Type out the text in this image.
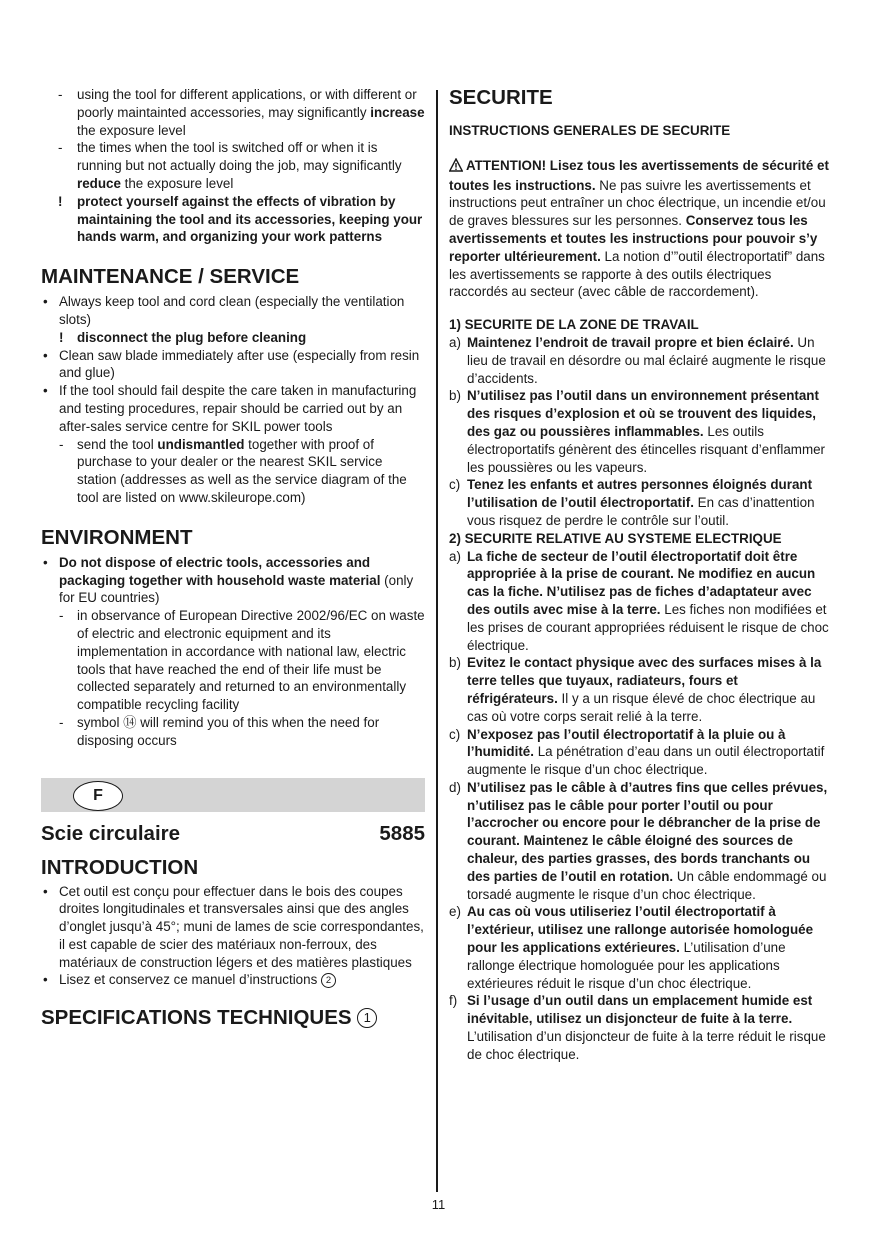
- using the tool for different applications, or with different or poorly maintainted accessories, may significantly increase the exposure level
- the times when the tool is switched off or when it is running but not actually doing the job, may significantly reduce the exposure level
! protect yourself against the effects of vibration by maintaining the tool and its accessories, keeping your hands warm, and organizing your work patterns
MAINTENANCE / SERVICE
• Always keep tool and cord clean (especially the ventilation slots)
! disconnect the plug before cleaning
• Clean saw blade immediately after use (especially from resin and glue)
• If the tool should fail despite the care taken in manufacturing and testing procedures, repair should be carried out by an after-sales service centre for SKIL power tools
- send the tool undismantled together with proof of purchase to your dealer or the nearest SKIL service station (addresses as well as the service diagram of the tool are listed on www.skileurope.com)
ENVIRONMENT
• Do not dispose of electric tools, accessories and packaging together with household waste material (only for EU countries)
- in observance of European Directive 2002/96/EC on waste of electric and electronic equipment and its implementation in accordance with national law, electric tools that have reached the end of their life must be collected separately and returned to an environmentally compatible recycling facility
- symbol ⑭ will remind you of this when the need for disposing occurs
F
Scie circulaire	5885
INTRODUCTION
• Cet outil est conçu pour effectuer dans le bois des coupes droites longitudinales et transversales ainsi que des angles d’onglet jusqu’à 45°; muni de lames de scie correspondantes, il est capable de scier des matériaux non-ferroux, des matériaux de construction légers et des matières plastiques
• Lisez et conservez ce manuel d’instructions 2
SPECIFICATIONS TECHNIQUES 1
SECURITE
INSTRUCTIONS GENERALES DE SECURITE
ATTENTION! Lisez tous les avertissements de sécurité et toutes les instructions. Ne pas suivre les avertissements et instructions peut entraîner un choc électrique, un incendie et/ou de graves blessures sur les personnes. Conservez tous les avertissements et toutes les instructions pour pouvoir s’y reporter ultérieurement. La notion d’”outil électroportatif” dans les avertissements se rapporte à des outils électriques raccordés au secteur (avec câble de raccordement).
1) SECURITE DE LA ZONE DE TRAVAIL
a) Maintenez l’endroit de travail propre et bien éclairé. Un lieu de travail en désordre ou mal éclairé augmente le risque d’accidents.
b) N’utilisez pas l’outil dans un environnement présentant des risques d’explosion et où se trouvent des liquides, des gaz ou poussières inflammables. Les outils électroportatifs génèrent des étincelles risquant d’enflammer les poussières ou les vapeurs.
c) Tenez les enfants et autres personnes éloignés durant l’utilisation de l’outil électroportatif. En cas d’inattention vous risquez de perdre le contrôle sur l’outil.
2) SECURITE RELATIVE AU SYSTEME ELECTRIQUE
a) La fiche de secteur de l’outil électroportatif doit être appropriée à la prise de courant. Ne modifiez en aucun cas la fiche. N’utilisez pas de fiches d’adaptateur avec des outils avec mise à la terre. Les fiches non modifiées et les prises de courant appropriées réduisent le risque de choc électrique.
b) Evitez le contact physique avec des surfaces mises à la terre telles que tuyaux, radiateurs, fours et réfrigérateurs. Il y a un risque élevé de choc électrique au cas où votre corps serait relié à la terre.
c) N’exposez pas l’outil électroportatif à la pluie ou à l’humidité. La pénétration d’eau dans un outil électroportatif augmente le risque d’un choc électrique.
d) N’utilisez pas le câble à d’autres fins que celles prévues, n’utilisez pas le câble pour porter l’outil ou pour l’accrocher ou encore pour le débrancher de la prise de courant. Maintenez le câble éloigné des sources de chaleur, des parties grasses, des bords tranchants ou des parties de l’outil en rotation. Un câble endommagé ou torsadé augmente le risque d’un choc électrique.
e) Au cas où vous utiliseriez l’outil électroportatif à l’extérieur, utilisez une rallonge autorisée homologuée pour les applications extérieures. L’utilisation d’une rallonge électrique homologuée pour les applications extérieures réduit le risque d’un choc électrique.
f) Si l’usage d’un outil dans un emplacement humide est inévitable, utilisez un disjoncteur de fuite à la terre. L’utilisation d’un disjoncteur de fuite à la terre réduit le risque de choc électrique.
11
